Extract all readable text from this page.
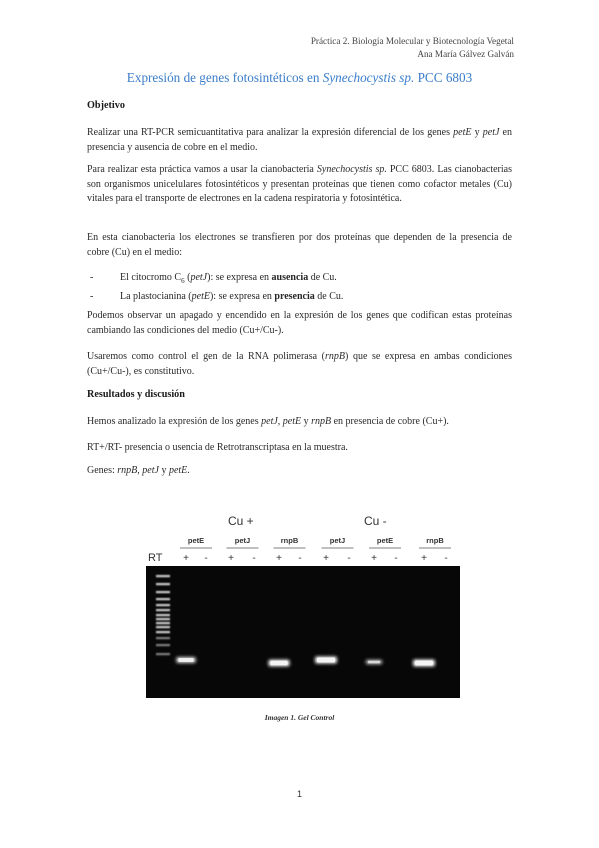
Práctica 2. Biología Molecular y Biotecnología Vegetal
Ana María Gálvez Galván
Expresión de genes fotosintéticos en Synechocystis sp. PCC 6803
Objetivo
Realizar una RT-PCR semicuantitativa para analizar la expresión diferencial de los genes petE y petJ en presencia y ausencia de cobre en el medio.
Para realizar esta práctica vamos a usar la cianobacteria Synechocystis sp. PCC 6803. Las cianobacterias son organismos unicelulares fotosintéticos y presentan proteínas que tienen como cofactor metales (Cu) vitales para el transporte de electrones en la cadena respiratoria y fotosintética.
En esta cianobacteria los electrones se transfieren por dos proteínas que dependen de la presencia de cobre (Cu) en el medio:
-	El citocromo $C_6$ (petJ): se expresa en ausencia de Cu.
-	La plastocianina (petE): se expresa en presencia de Cu.
Podemos observar un apagado y encendido en la expresión de los genes que codifican estas proteínas cambiando las condiciones del medio (Cu+/Cu-).
Usaremos como control el gen de la RNA polimerasa (rnpB) que se expresa en ambas condiciones (Cu+/Cu-), es constitutivo.
Resultados y discusión
Hemos analizado la expresión de los genes petJ, petE y rnpB en presencia de cobre (Cu+).
RT+/RT- presencia o usencia de Retrotranscriptasa en la muestra.
Genes: rnpB, petJ y petE.
Cu +	Cu -
RT
petE	petJ	rnpB	petJ	petE	rnpB
+ - + - + - + - + - + -
Imagen 1. Gel Control
1
